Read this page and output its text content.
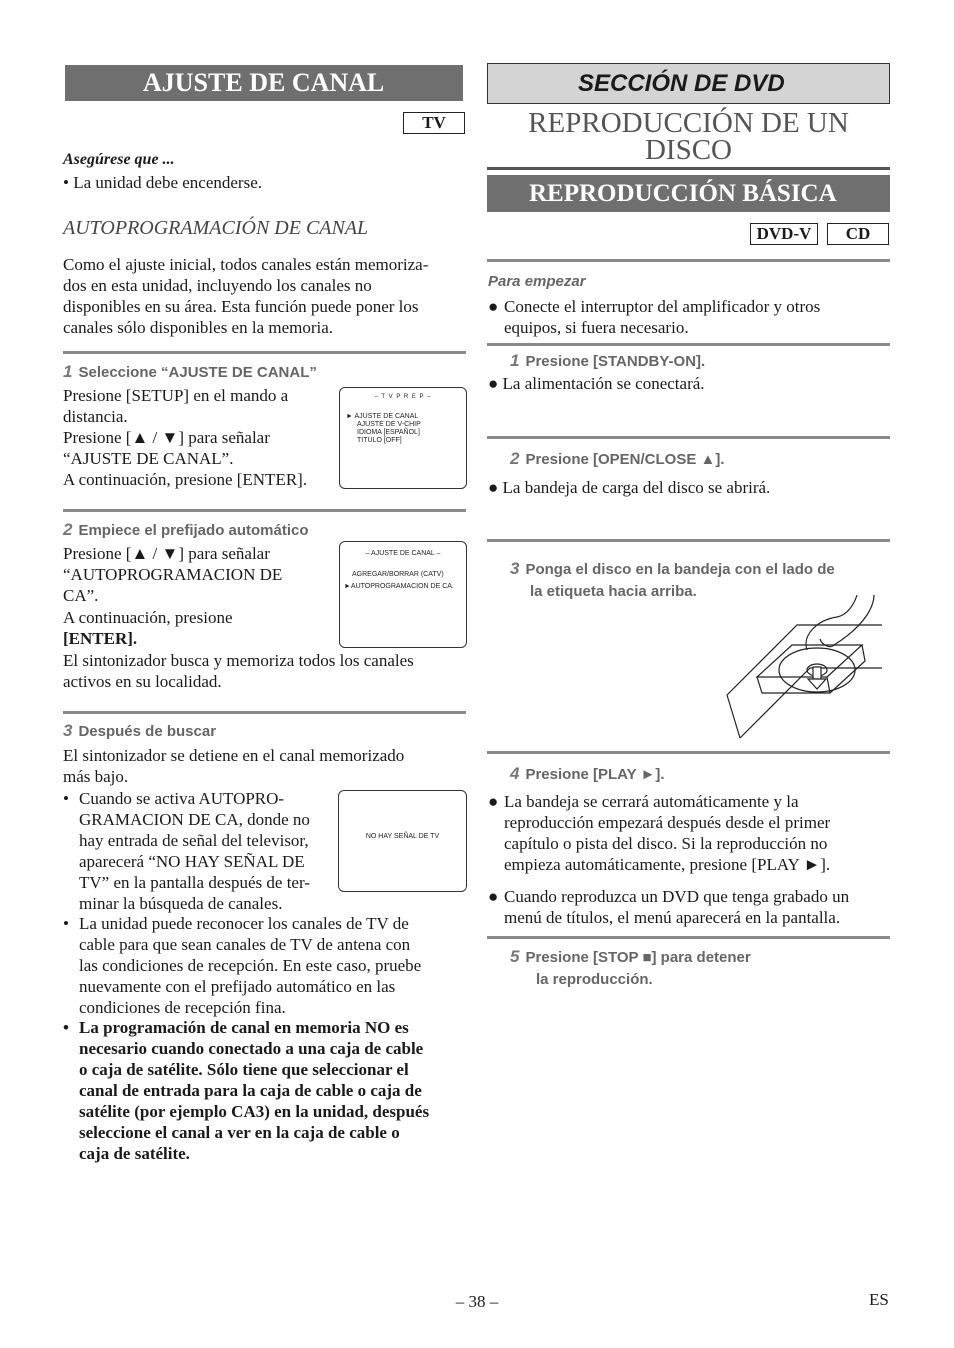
AJUSTE DE CANAL
TV
Asegúrese que ...
• La unidad debe encenderse.
AUTOPROGRAMACIÓN DE CANAL
Como el ajuste inicial, todos canales están memoriza-
dos en esta unidad, incluyendo los canales no
disponibles en su área. Esta función puede poner los
canales sólo disponibles en la memoria.
1 Seleccione “AJUSTE DE CANAL”
Presione [SETUP] en el mando a
distancia.
Presione [▲ / ▼] para señalar
“AJUSTE DE CANAL”.
A continuación, presione [ENTER].
– T V P R E P –
► AJUSTE DE CANAL
AJUSTE DE V-CHIP
IDIOMA [ESPAÑOL]
TITULO [OFF]
2 Empiece el prefijado automático
Presione [▲ / ▼] para señalar
“AUTOPROGRAMACION DE
CA”.
A continuación, presione
[ENTER].
El sintonizador busca y memoriza todos los canales
activos en su localidad.
– AJUSTE DE CANAL –
AGREGAR/BORRAR (CATV)
►AUTOPROGRAMACION DE CA.
3 Después de buscar
El sintonizador se detiene en el canal memorizado
más bajo.
• Cuando se activa AUTOPRO-
GRAMACION DE CA, donde no
hay entrada de señal del televisor,
aparecerá “NO HAY SEÑAL DE
TV” en la pantalla después de ter-
minar la búsqueda de canales.
NO HAY SEÑAL DE TV
• La unidad puede reconocer los canales de TV de
cable para que sean canales de TV de antena con
las condiciones de recepción. En este caso, pruebe
nuevamente con el prefijado automático en las
condiciones de recepción fina.
• La programación de canal en memoria NO es
necesario cuando conectado a una caja de cable
o caja de satélite. Sólo tiene que seleccionar el
canal de entrada para la caja de cable o caja de
satélite (por ejemplo CA3) en la unidad, después
seleccione el canal a ver en la caja de cable o
caja de satélite.
SECCIÓN DE DVD
REPRODUCCIÓN DE UN
DISCO
REPRODUCCIÓN BÁSICA
DVD-V	CD
Para empezar
● Conecte el interruptor del amplificador y otros
equipos, si fuera necesario.
1 Presione [STANDBY-ON].
● La alimentación se conectará.
2 Presione [OPEN/CLOSE ▲].
● La bandeja de carga del disco se abrirá.
3 Ponga el disco en la bandeja con el lado de
la etiqueta hacia arriba.
4 Presione [PLAY ►].
● La bandeja se cerrará automáticamente y la
reproducción empezará después desde el primer
capítulo o pista del disco. Si la reproducción no
empieza automáticamente, presione [PLAY ►].
● Cuando reproduzca un DVD que tenga grabado un
menú de títulos, el menú aparecerá en la pantalla.
5 Presione [STOP ■] para detener
la reproducción.
– 38 –	ES
